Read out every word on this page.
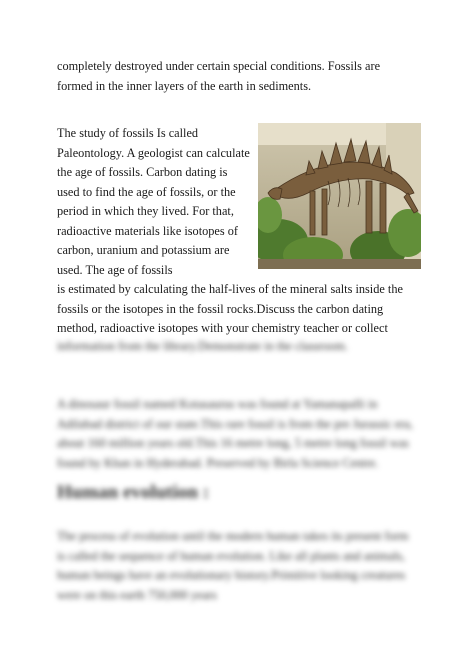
completely destroyed under certain special conditions. Fossils are formed in the inner layers of the earth in sediments.

The study of fossils Is called Paleontology. A geologist can calculate the age of fossils. Carbon dating is used to find the age of fossils, or the period in which they lived. For that, radioactive materials like isotopes of carbon, uranium and potassium are used. The age of fossils

is estimated by calculating the half-lives of the mineral salts inside the fossils or the isotopes in the fossil rocks.Discuss the carbon dating method, radioactive isotopes with your chemistry teacher or collect

information from the library.Demonstrate in the classroom.

A dinosaur fossil named Kotasaurus was found at Yamanapalli in Adilabad district of our state.This rare fossil is from the pre Jurassic era, about 160 million years old.This 16 metre long, 5 metre long fossil was found by Khan in Hyderabad. Preserved by Birla Science Centre.

Human evolution :

The process of evolution until the modern human takes its present form is called the sequence of human evolution. Like all plants and animals, human beings have an evolutionary history.Primitive looking creatures were on this earth 750,000 years
